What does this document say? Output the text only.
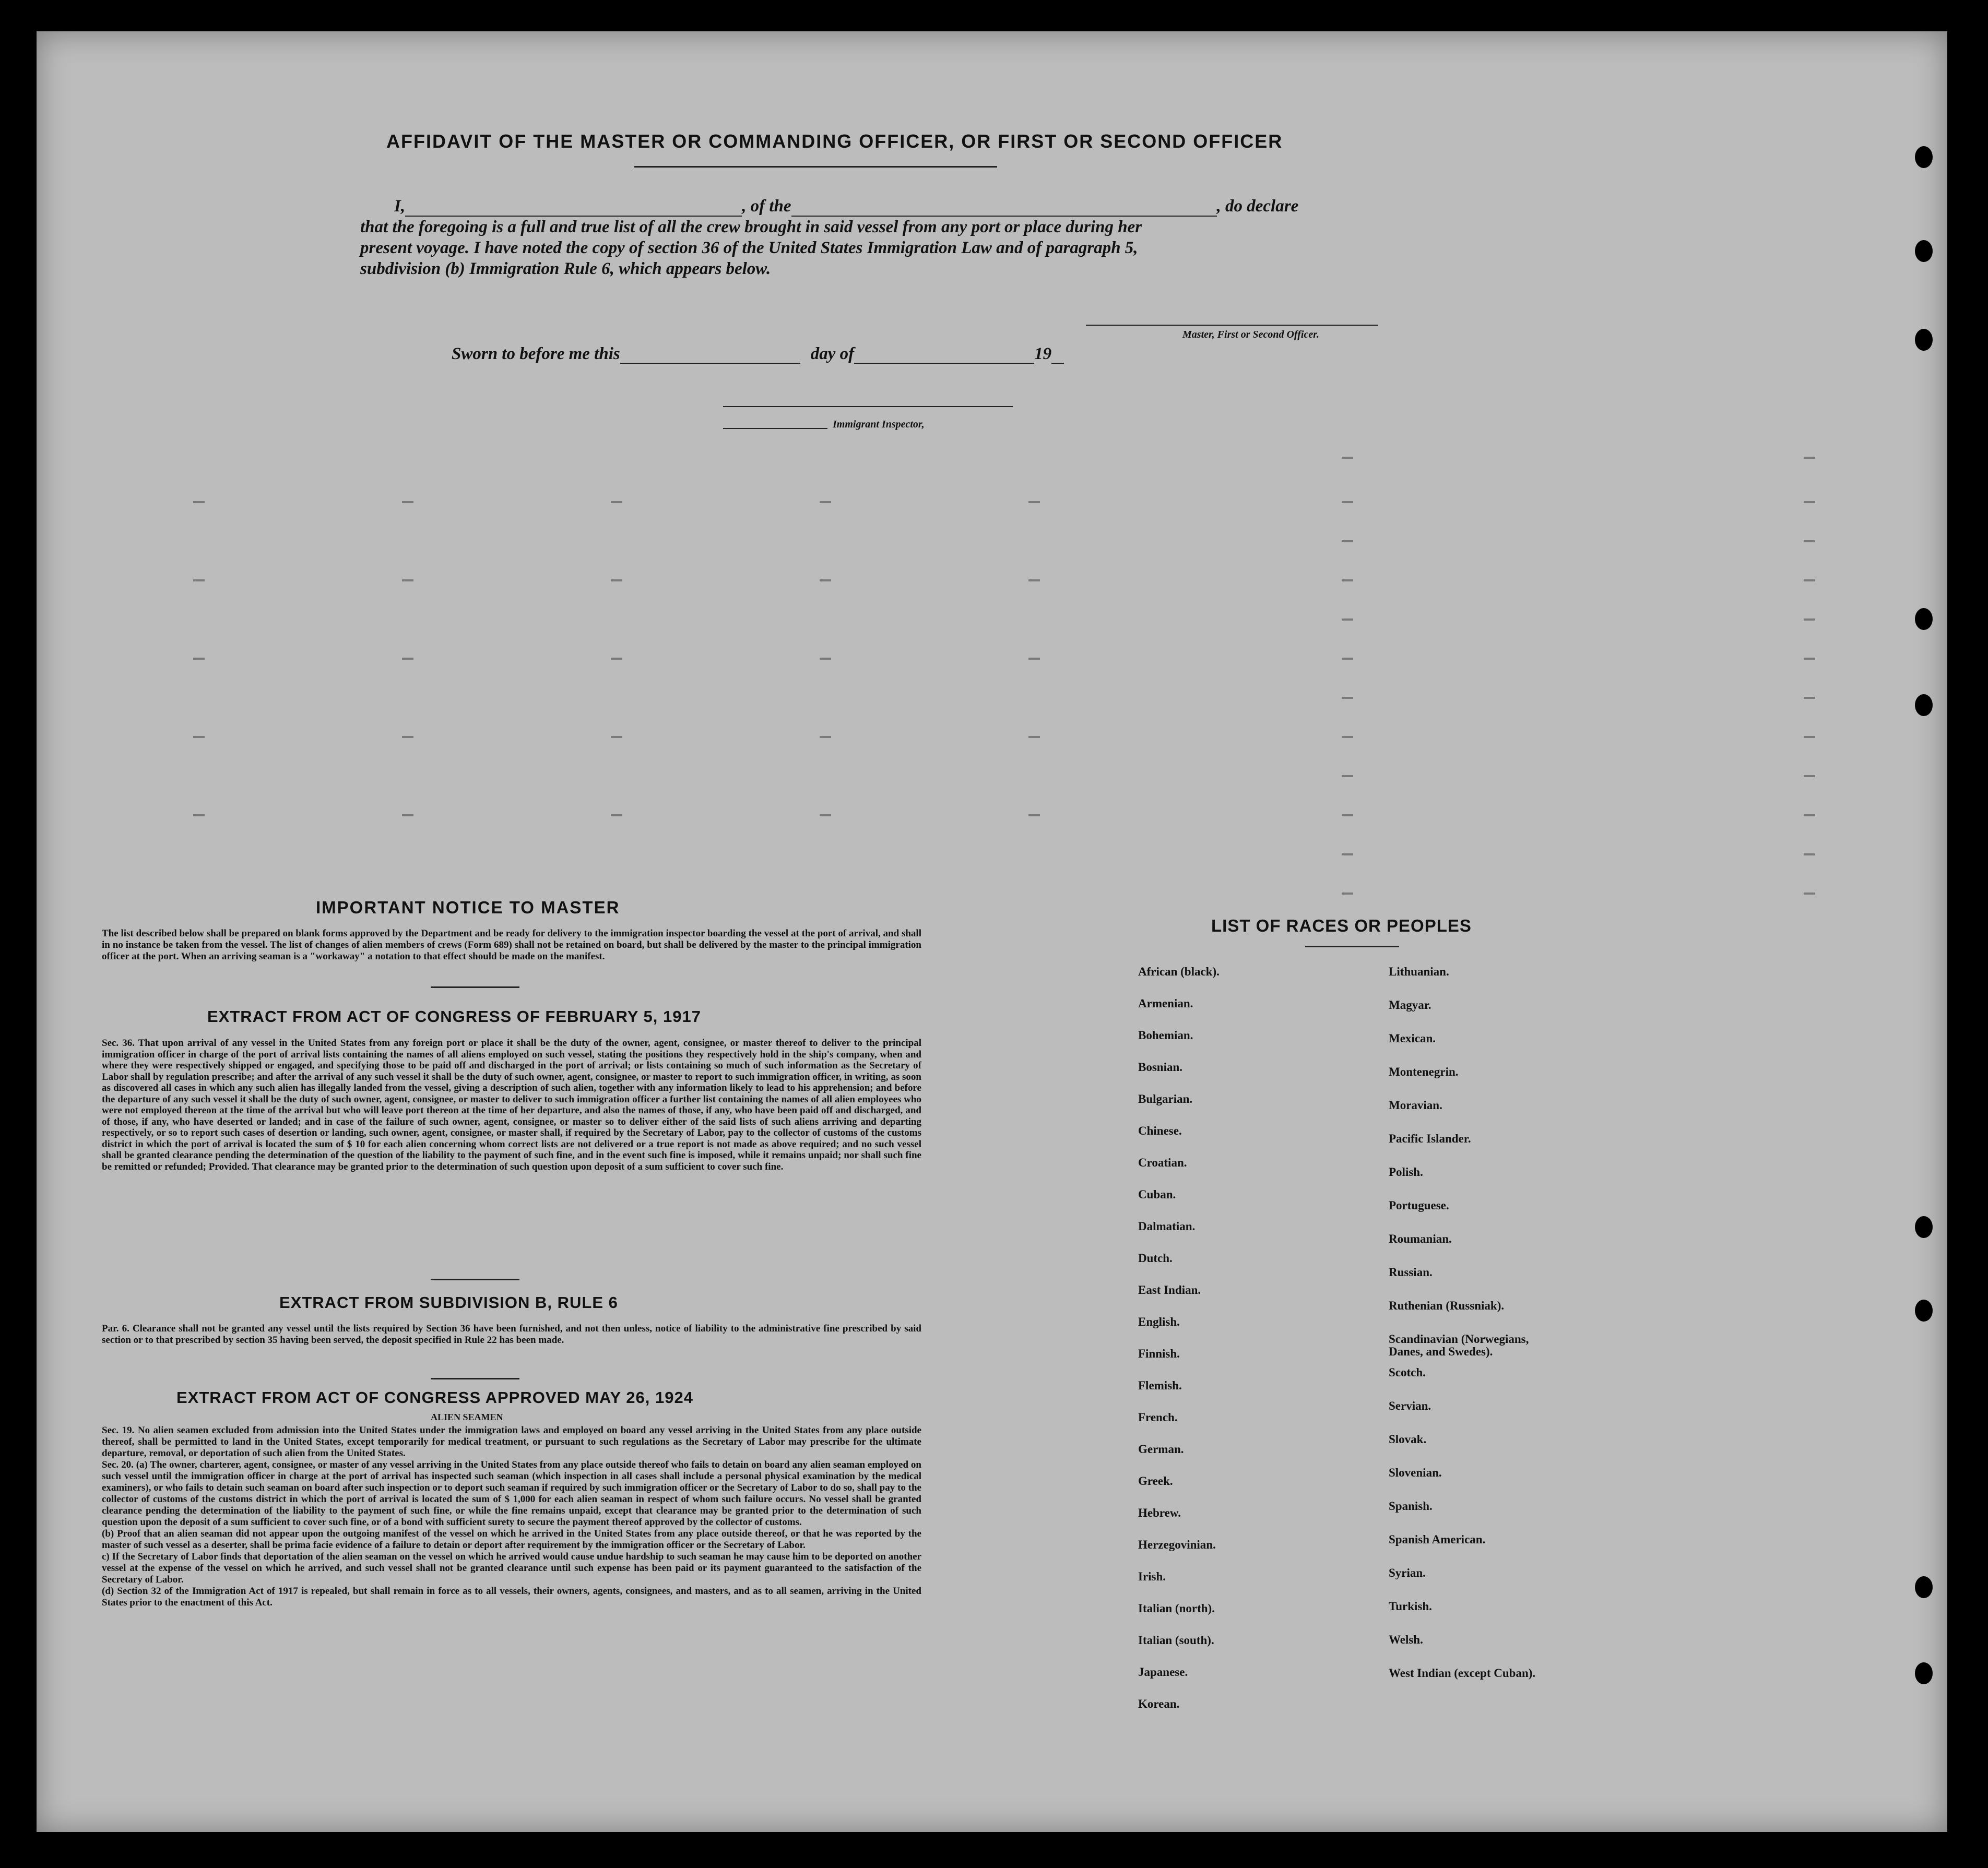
AFFIDAVIT OF THE MASTER OR COMMANDING OFFICER, OR FIRST OR SECOND OFFICER
I,	, of the	, do declare
that the foregoing is a full and true list of all the crew brought in said vessel from any port or place during her
present voyage. I have noted the copy of section 36 of the United States Immigration Law and of paragraph 5,
subdivision (b) Immigration Rule 6, which appears below.
Master, First or Second Officer.
Sworn to before me this	day of	19
Immigrant Inspector,
IMPORTANT NOTICE TO MASTER
The list described below shall be prepared on blank forms approved by the Department and be ready for delivery to the immigration inspector boarding the vessel at the port of arrival, and shall in no instance be taken from the vessel. The list of changes of alien members of crews (Form 689) shall not be retained on board, but shall be delivered by the master to the principal immigration officer at the port. When an arriving seaman is a "workaway" a notation to that effect should be made on the manifest.
EXTRACT FROM ACT OF CONGRESS OF FEBRUARY 5, 1917
Sec. 36. That upon arrival of any vessel in the United States from any foreign port or place it shall be the duty of the owner, agent, consignee, or master thereof to deliver to the principal immigration officer in charge of the port of arrival lists containing the names of all aliens employed on such vessel, stating the positions they respectively hold in the ship's company, when and where they were respectively shipped or engaged, and specifying those to be paid off and discharged in the port of arrival; or lists containing so much of such information as the Secretary of Labor shall by regulation prescribe; and after the arrival of any such vessel it shall be the duty of such owner, agent, consignee, or master to report to such immigration officer, in writing, as soon as discovered all cases in which any such alien has illegally landed from the vessel, giving a description of such alien, together with any information likely to lead to his apprehension; and before the departure of any such vessel it shall be the duty of such owner, agent, consignee, or master to deliver to such immigration officer a further list containing the names of all alien employees who were not employed thereon at the time of the arrival but who will leave port thereon at the time of her departure, and also the names of those, if any, who have been paid off and discharged, and of those, if any, who have deserted or landed; and in case of the failure of such owner, agent, consignee, or master so to deliver either of the said lists of such aliens arriving and departing respectively, or so to report such cases of desertion or landing, such owner, agent, consignee, or master shall, if required by the Secretary of Labor, pay to the collector of customs of the customs district in which the port of arrival is located the sum of $ 10 for each alien concerning whom correct lists are not delivered or a true report is not made as above required; and no such vessel shall be granted clearance pending the determination of the question of the liability to the payment of such fine, and in the event such fine is imposed, while it remains unpaid; nor shall such fine be remitted or refunded; Provided. That clearance may be granted prior to the determination of such question upon deposit of a sum sufficient to cover such fine.
EXTRACT FROM SUBDIVISION B, RULE 6
Par. 6. Clearance shall not be granted any vessel until the lists required by Section 36 have been furnished, and not then unless, notice of liability to the administrative fine prescribed by said section or to that prescribed by section 35 having been served, the deposit specified in Rule 22 has been made.
EXTRACT FROM ACT OF CONGRESS APPROVED MAY 26, 1924
ALIEN SEAMEN
Sec. 19. No alien seamen excluded from admission into the United States under the immigration laws and employed on board any vessel arriving in the United States from any place outside thereof, shall be permitted to land in the United States, except temporarily for medical treatment, or pursuant to such regulations as the Secretary of Labor may prescribe for the ultimate departure, removal, or deportation of such alien from the United States.
Sec. 20. (a) The owner, charterer, agent, consignee, or master of any vessel arriving in the United States from any place outside thereof who fails to detain on board any alien seaman employed on such vessel until the immigration officer in charge at the port of arrival has inspected such seaman (which inspection in all cases shall include a personal physical examination by the medical examiners), or who fails to detain such seaman on board after such inspection or to deport such seaman if required by such immigration officer or the Secretary of Labor to do so, shall pay to the collector of customs of the customs district in which the port of arrival is located the sum of $ 1,000 for each alien seaman in respect of whom such failure occurs. No vessel shall be granted clearance pending the determination of the liability to the payment of such fine, or while the fine remains unpaid, except that clearance may be granted prior to the determination of such question upon the deposit of a sum sufficient to cover such fine, or of a bond with sufficient surety to secure the payment thereof approved by the collector of customs.
(b) Proof that an alien seaman did not appear upon the outgoing manifest of the vessel on which he arrived in the United States from any place outside thereof, or that he was reported by the master of such vessel as a deserter, shall be prima facie evidence of a failure to detain or deport after requirement by the immigration officer or the Secretary of Labor.
c) If the Secretary of Labor finds that deportation of the alien seaman on the vessel on which he arrived would cause undue hardship to such seaman he may cause him to be deported on another vessel at the expense of the vessel on which he arrived, and such vessel shall not be granted clearance until such expense has been paid or its payment guaranteed to the satisfaction of the Secretary of Labor.
(d) Section 32 of the Immigration Act of 1917 is repealed, but shall remain in force as to all vessels, their owners, agents, consignees, and masters, and as to all seamen, arriving in the United States prior to the enactment of this Act.
LIST OF RACES OR PEOPLES
African (black).
Armenian.
Bohemian.
Bosnian.
Bulgarian.
Chinese.
Croatian.
Cuban.
Dalmatian.
Dutch.
East Indian.
English.
Finnish.
Flemish.
French.
German.
Greek.
Hebrew.
Herzegovinian.
Irish.
Italian (north).
Italian (south).
Japanese.
Korean.
Lithuanian.
Magyar.
Mexican.
Montenegrin.
Moravian.
Pacific Islander.
Polish.
Portuguese.
Roumanian.
Russian.
Ruthenian (Russniak).
Scandinavian (Norwegians,
Danes, and Swedes).
Scotch.
Servian.
Slovak.
Slovenian.
Spanish.
Spanish American.
Syrian.
Turkish.
Welsh.
West Indian (except Cuban).
